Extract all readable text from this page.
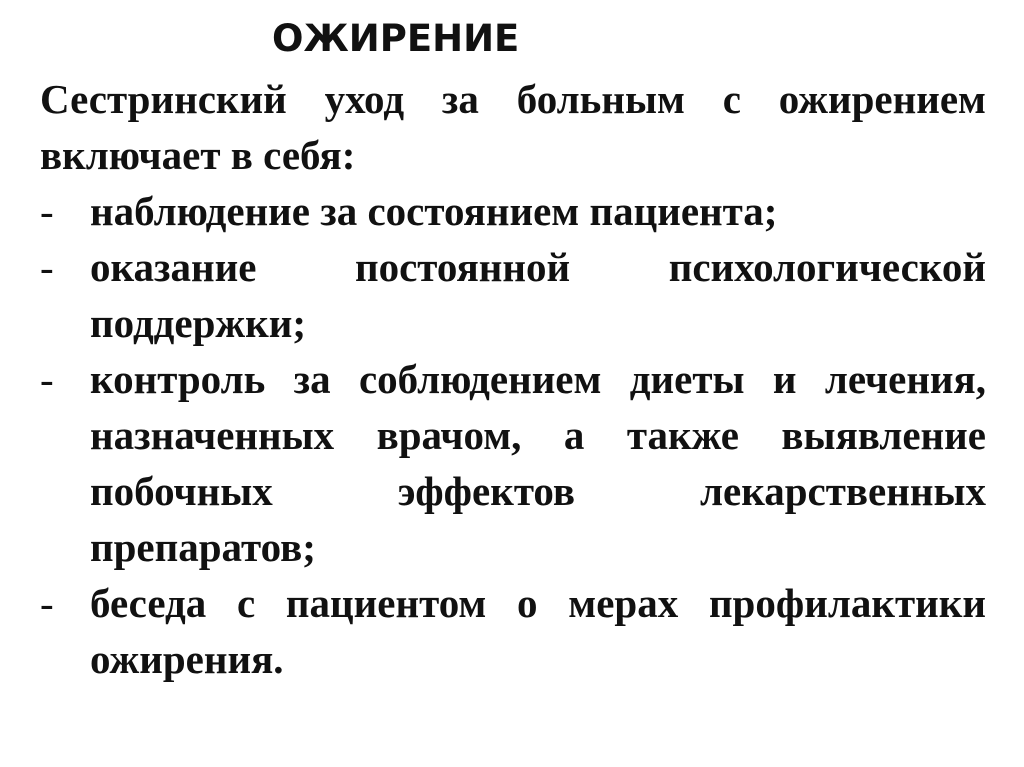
ОЖИРЕНИЕ

Сестринский уход за больным с ожирением включает в себя:

- наблюдение за состоянием пациента;
- оказание постоянной психологической поддержки;
- контроль за соблюдением диеты и лечения, назначенных врачом, а также выявление побочных эффектов лекарственных препаратов;
- беседа с пациентом о мерах профилактики ожирения.
